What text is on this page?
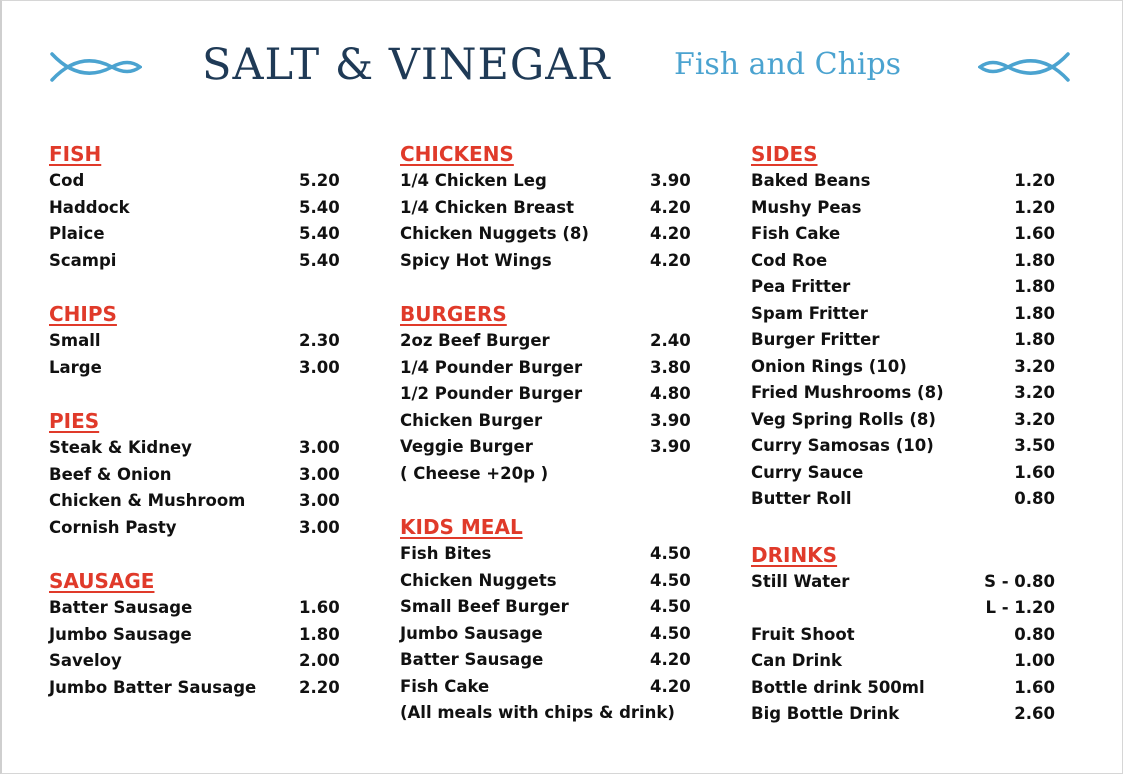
SALT & VINEGAR Fish and Chips
FISH
Cod	5.20
Haddock	5.40
Plaice	5.40
Scampi	5.40
CHIPS
Small	2.30
Large	3.00
PIES
Steak & Kidney	3.00
Beef & Onion	3.00
Chicken & Mushroom	3.00
Cornish Pasty	3.00
SAUSAGE
Batter Sausage	1.60
Jumbo Sausage	1.80
Saveloy	2.00
Jumbo Batter Sausage	2.20
CHICKENS
1/4 Chicken Leg	3.90
1/4 Chicken Breast	4.20
Chicken Nuggets (8)	4.20
Spicy Hot Wings	4.20
BURGERS
2oz Beef Burger	2.40
1/4 Pounder Burger	3.80
1/2 Pounder Burger	4.80
Chicken Burger	3.90
Veggie Burger	3.90
( Cheese +20p )
KIDS MEAL
Fish Bites	4.50
Chicken Nuggets	4.50
Small Beef Burger	4.50
Jumbo Sausage	4.50
Batter Sausage	4.20
Fish Cake	4.20
(All meals with chips & drink)
SIDES
Baked Beans	1.20
Mushy Peas	1.20
Fish Cake	1.60
Cod Roe	1.80
Pea Fritter	1.80
Spam Fritter	1.80
Burger Fritter	1.80
Onion Rings (10)	3.20
Fried Mushrooms (8)	3.20
Veg Spring Rolls (8)	3.20
Curry Samosas (10)	3.50
Curry Sauce	1.60
Butter Roll	0.80
DRINKS
Still Water	S - 0.80
L - 1.20
Fruit Shoot	0.80
Can Drink	1.00
Bottle drink 500ml	1.60
Big Bottle Drink	2.60
